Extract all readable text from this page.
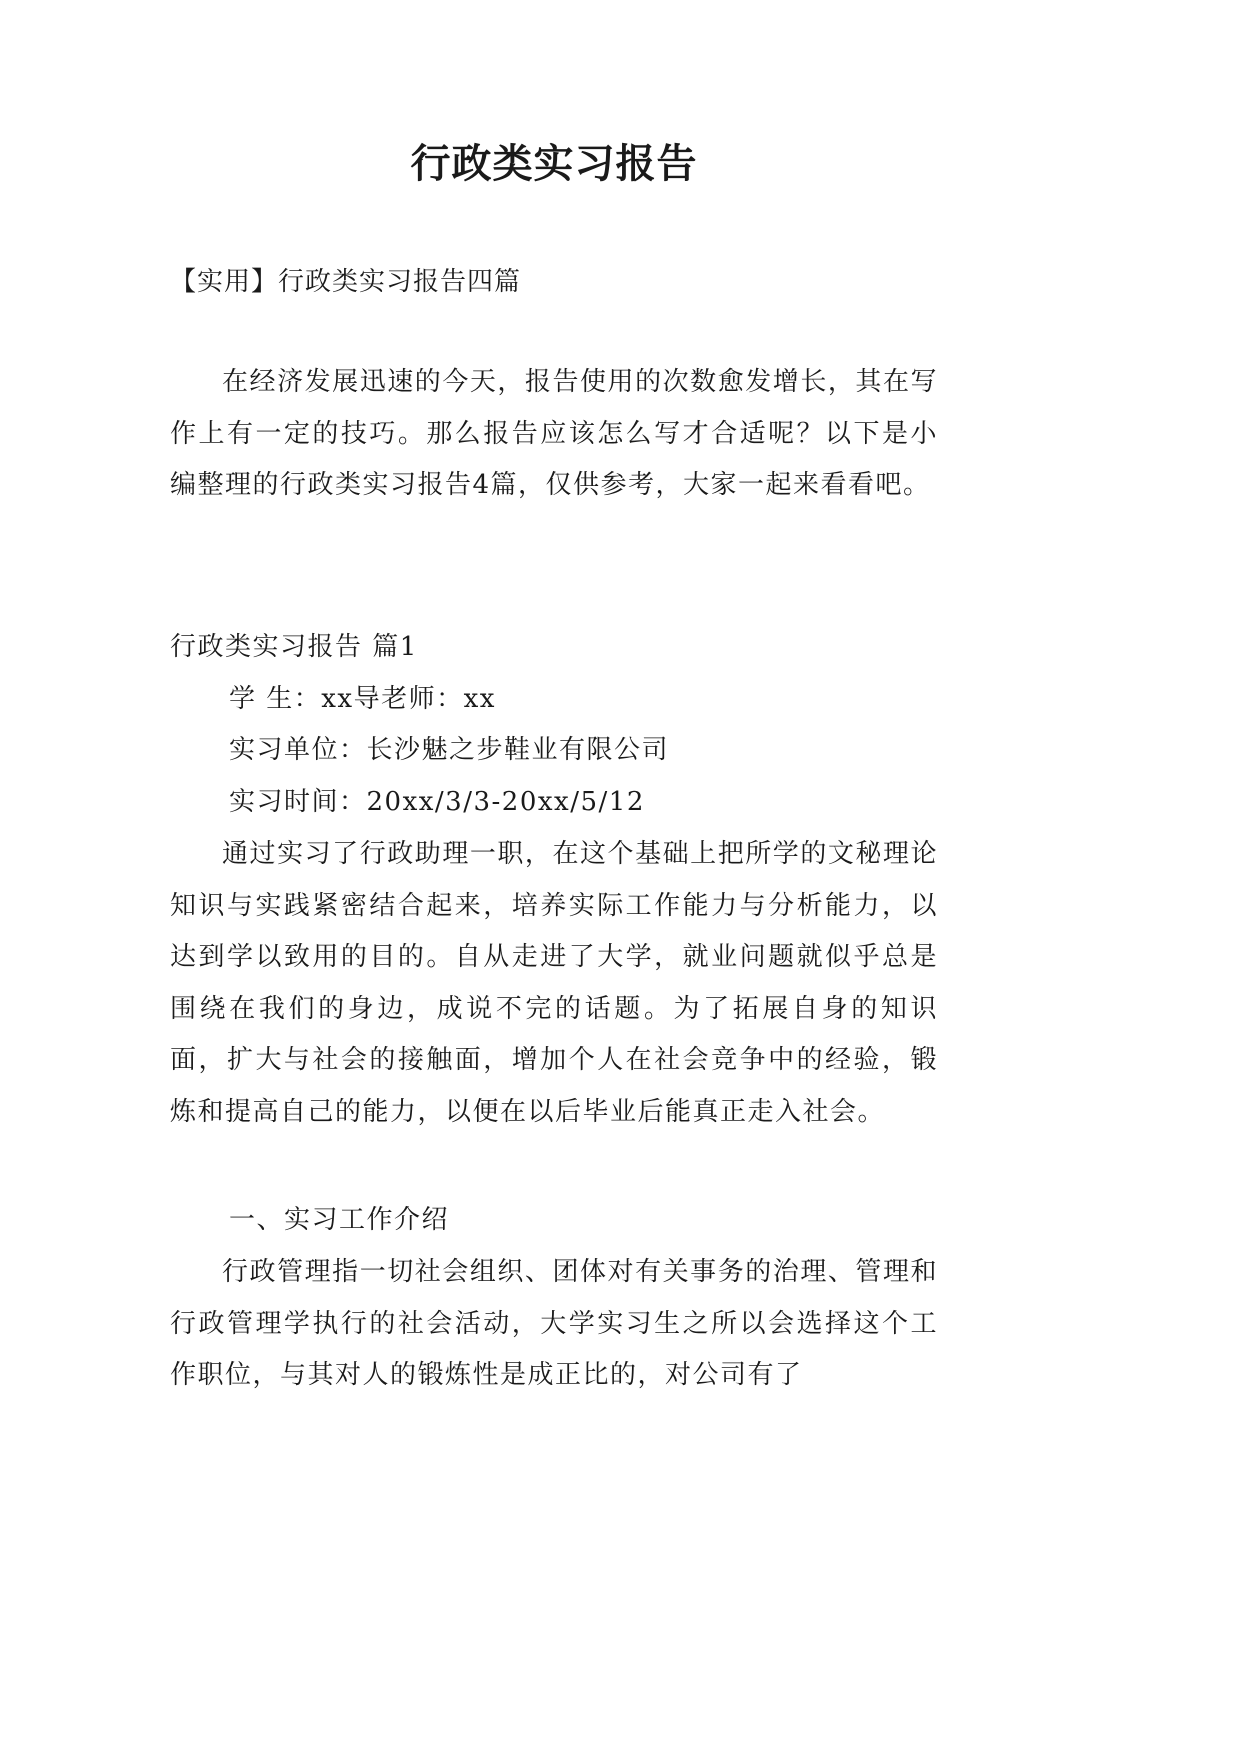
行政类实习报告

【实用】行政类实习报告四篇

在经济发展迅速的今天，报告使用的次数愈发增长，其在写作上有一定的技巧。那么报告应该怎么写才合适呢？以下是小编整理的行政类实习报告4篇，仅供参考，大家一起来看看吧。

行政类实习报告 篇1

学 生：xx导老师：xx

实习单位：长沙魅之步鞋业有限公司

实习时间：20xx/3/3-20xx/5/12

通过实习了行政助理一职，在这个基础上把所学的文秘理论知识与实践紧密结合起来，培养实际工作能力与分析能力，以达到学以致用的目的。自从走进了大学，就业问题就似乎总是围绕在我们的身边，成说不完的话题。为了拓展自身的知识面，扩大与社会的接触面，增加个人在社会竞争中的经验，锻炼和提高自己的能力，以便在以后毕业后能真正走入社会。

一、实习工作介绍

行政管理指一切社会组织、团体对有关事务的治理、管理和行政管理学执行的社会活动，大学实习生之所以会选择这个工作职位，与其对人的锻炼性是成正比的，对公司有了
